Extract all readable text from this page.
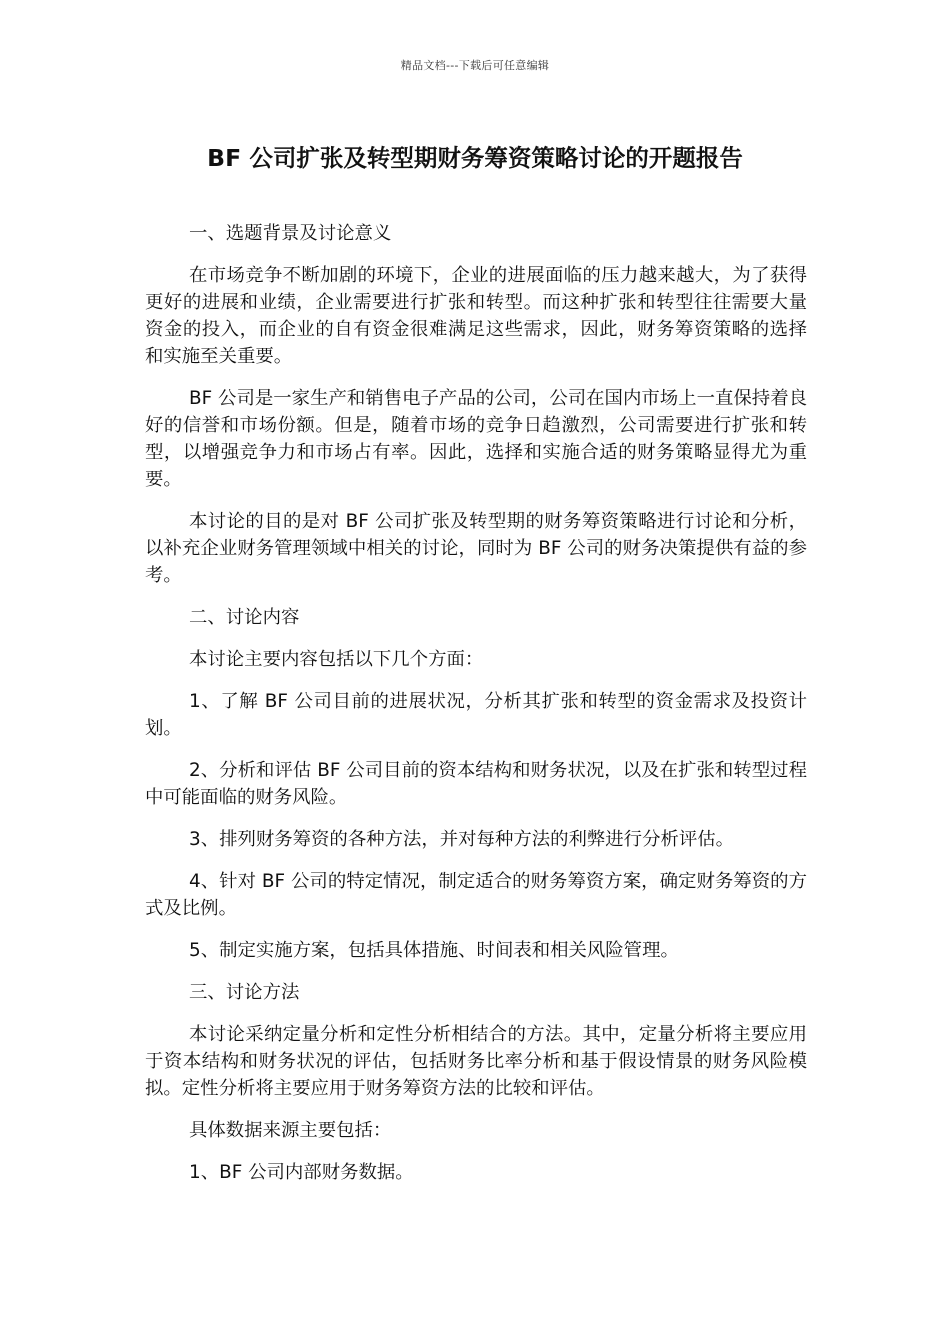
精品文档---下载后可任意编辑
BF 公司扩张及转型期财务筹资策略讨论的开题报告

一、选题背景及讨论意义

在市场竞争不断加剧的环境下，企业的进展面临的压力越来越大，为了获得更好的进展和业绩，企业需要进行扩张和转型。而这种扩张和转型往往需要大量资金的投入，而企业的自有资金很难满足这些需求，因此，财务筹资策略的选择和实施至关重要。

BF 公司是一家生产和销售电子产品的公司，公司在国内市场上一直保持着良好的信誉和市场份额。但是，随着市场的竞争日趋激烈，公司需要进行扩张和转型，以增强竞争力和市场占有率。因此，选择和实施合适的财务策略显得尤为重要。

本讨论的目的是对 BF 公司扩张及转型期的财务筹资策略进行讨论和分析，以补充企业财务管理领域中相关的讨论，同时为 BF 公司的财务决策提供有益的参考。

二、讨论内容

本讨论主要内容包括以下几个方面：

1、了解 BF 公司目前的进展状况，分析其扩张和转型的资金需求及投资计划。

2、分析和评估 BF 公司目前的资本结构和财务状况，以及在扩张和转型过程中可能面临的财务风险。

3、排列财务筹资的各种方法，并对每种方法的利弊进行分析评估。

4、针对 BF 公司的特定情况，制定适合的财务筹资方案，确定财务筹资的方式及比例。

5、制定实施方案，包括具体措施、时间表和相关风险管理。

三、讨论方法

本讨论采纳定量分析和定性分析相结合的方法。其中，定量分析将主要应用于资本结构和财务状况的评估，包括财务比率分析和基于假设情景的财务风险模拟。定性分析将主要应用于财务筹资方法的比较和评估。

具体数据来源主要包括：

1、BF 公司内部财务数据。
